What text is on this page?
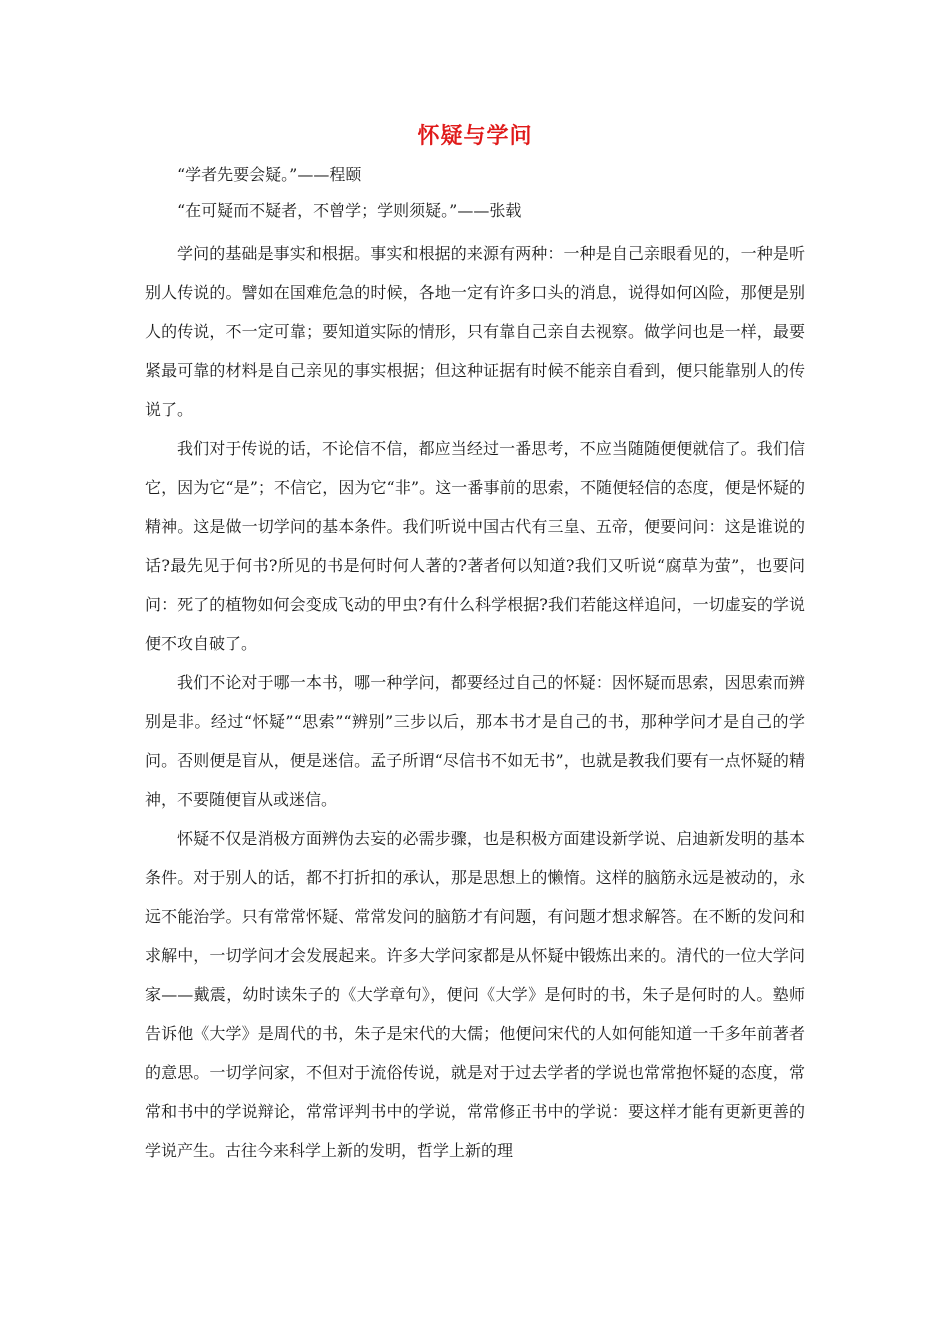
怀疑与学问

“学者先要会疑。”——程颐

“在可疑而不疑者，不曾学；学则须疑。”——张载

学问的基础是事实和根据。事实和根据的来源有两种：一种是自己亲眼看见的，一种是听别人传说的。譬如在国难危急的时候，各地一定有许多口头的消息，说得如何凶险，那便是别人的传说，不一定可靠；要知道实际的情形，只有靠自己亲自去视察。做学问也是一样，最要紧最可靠的材料是自己亲见的事实根据；但这种证据有时候不能亲自看到，便只能靠别人的传说了。

我们对于传说的话，不论信不信，都应当经过一番思考，不应当随随便便就信了。我们信它，因为它“是”；不信它，因为它“非”。这一番事前的思索，不随便轻信的态度，便是怀疑的精神。这是做一切学问的基本条件。我们听说中国古代有三皇、五帝，便要问问：这是谁说的话?最先见于何书?所见的书是何时何人著的?著者何以知道?我们又听说“腐草为萤”，也要问问：死了的植物如何会变成飞动的甲虫?有什么科学根据?我们若能这样追问，一切虚妄的学说便不攻自破了。

我们不论对于哪一本书，哪一种学问，都要经过自己的怀疑：因怀疑而思索，因思索而辨别是非。经过“怀疑”“思索”“辨别”三步以后，那本书才是自己的书，那种学问才是自己的学问。否则便是盲从，便是迷信。孟子所谓“尽信书不如无书”，也就是教我们要有一点怀疑的精神，不要随便盲从或迷信。

怀疑不仅是消极方面辨伪去妄的必需步骤，也是积极方面建设新学说、启迪新发明的基本条件。对于别人的话，都不打折扣的承认，那是思想上的懒惰。这样的脑筋永远是被动的，永远不能治学。只有常常怀疑、常常发问的脑筋才有问题，有问题才想求解答。在不断的发问和求解中，一切学问才会发展起来。许多大学问家都是从怀疑中锻炼出来的。清代的一位大学问家——戴震，幼时读朱子的《大学章句》，便问《大学》是何时的书，朱子是何时的人。塾师告诉他《大学》是周代的书，朱子是宋代的大儒；他便问宋代的人如何能知道一千多年前著者的意思。一切学问家，不但对于流俗传说，就是对于过去学者的学说也常常抱怀疑的态度，常常和书中的学说辩论，常常评判书中的学说，常常修正书中的学说：要这样才能有更新更善的学说产生。古往今来科学上新的发明，哲学上新的理
